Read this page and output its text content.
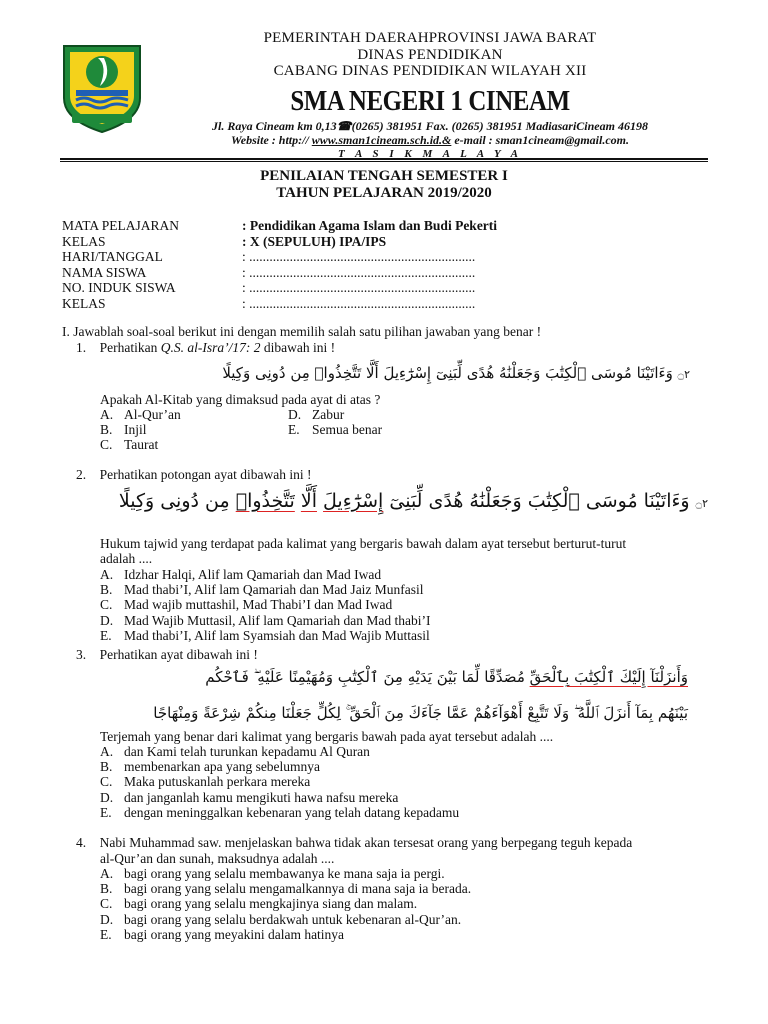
PEMERINTAH DAERAHPROVINSI JAWA BARAT
DINAS PENDIDIKAN
CABANG DINAS PENDIDIKAN WILAYAH XII
SMA NEGERI 1 CINEAM
Jl. Raya Cineam km 0,13☎(0265) 381951 Fax. (0265) 381951 MadiasariCineam 46198
Website : http:// www.sman1cineam.sch.id.& e-mail : sman1cineam@gmail.com.
T A S I K M A L A Y A
PENILAIAN TENGAH SEMESTER I
TAHUN PELAJARAN 2019/2020
MATA PELAJARAN	: Pendidikan Agama Islam dan Budi Pekerti
KELAS	: X (SEPULUH) IPA/IPS
HARI/TANGGAL	: ...................................................................
NAMA SISWA	: ...................................................................
NO. INDUK SISWA	: ...................................................................
KELAS	: ...................................................................
I. Jawablah soal-soal berikut ini dengan memilih salah satu pilihan jawaban yang benar !
1. Perhatikan Q.S. al-Isra’/17: 2 dibawah ini !
۝٢ وَءَاتَيْنَا مُوسَى ٱلْكِتَٰبَ وَجَعَلْنَٰهُ هُدًى لِّبَنِىٓ إِسْرَٰٓءِيلَ أَلَّا تَتَّخِذُوا۟ مِن دُونِى وَكِيلًا
Apakah Al-Kitab yang dimaksud pada ayat di atas ?
A. Al-Qur’an
B. Injil
C. Taurat
D. Zabur
E. Semua benar
2. Perhatikan potongan ayat dibawah ini !
۝٢ وَءَاتَيْنَا مُوسَى ٱلْكِتَٰبَ وَجَعَلْنَٰهُ هُدًى لِّبَنِىٓ إِسْرَٰٓءِيلَ أَلَّا تَتَّخِذُوا۟ مِن دُونِى وَكِيلًا
Hukum tajwid yang terdapat pada kalimat yang bergaris bawah dalam ayat tersebut berturut-turut
adalah ....
A. Idzhar Halqi, Alif lam Qamariah dan Mad Iwad
B. Mad thabi’I, Alif lam Qamariah dan Mad Jaiz Munfasil
C. Mad wajib muttashil, Mad Thabi’I dan Mad Iwad
D. Mad Wajib Muttasil, Alif lam Qamariah dan Mad thabi’I
E. Mad thabi’I, Alif lam Syamsiah dan Mad Wajib Muttasil
3. Perhatikan ayat dibawah ini !
وَأَنزَلْنَآ إِلَيْكَ ٱلْكِتَٰبَ بِٱلْحَقِّ مُصَدِّقًا لِّمَا بَيْنَ يَدَيْهِ مِنَ ٱلْكِتَٰبِ وَمُهَيْمِنًا عَلَيْهِ ۖ فَٱحْكُم
بَيْنَهُم بِمَآ أَنزَلَ ٱللَّهُ ۖ وَلَا تَتَّبِعْ أَهْوَآءَهُمْ عَمَّا جَآءَكَ مِنَ ٱلْحَقِّ ۚ لِكُلٍّ جَعَلْنَا مِنكُمْ شِرْعَةً وَمِنْهَاجًا
Terjemah yang benar dari kalimat yang bergaris bawah pada ayat tersebut adalah ....
A. dan Kami telah turunkan kepadamu Al Quran
B. membenarkan apa yang sebelumnya
C. Maka putuskanlah perkara mereka
D. dan janganlah kamu mengikuti hawa nafsu mereka
E. dengan meninggalkan kebenaran yang telah datang kepadamu
4. Nabi Muhammad saw. menjelaskan bahwa tidak akan tersesat orang yang berpegang teguh kepada
al-Qur’an dan sunah, maksudnya adalah ....
A. bagi orang yang selalu membawanya ke mana saja ia pergi.
B. bagi orang yang selalu mengamalkannya di mana saja ia berada.
C. bagi orang yang selalu mengkajinya siang dan malam.
D. bagi orang yang selalu berdakwah untuk kebenaran al-Qur’an.
E. bagi orang yang meyakini dalam hatinya
